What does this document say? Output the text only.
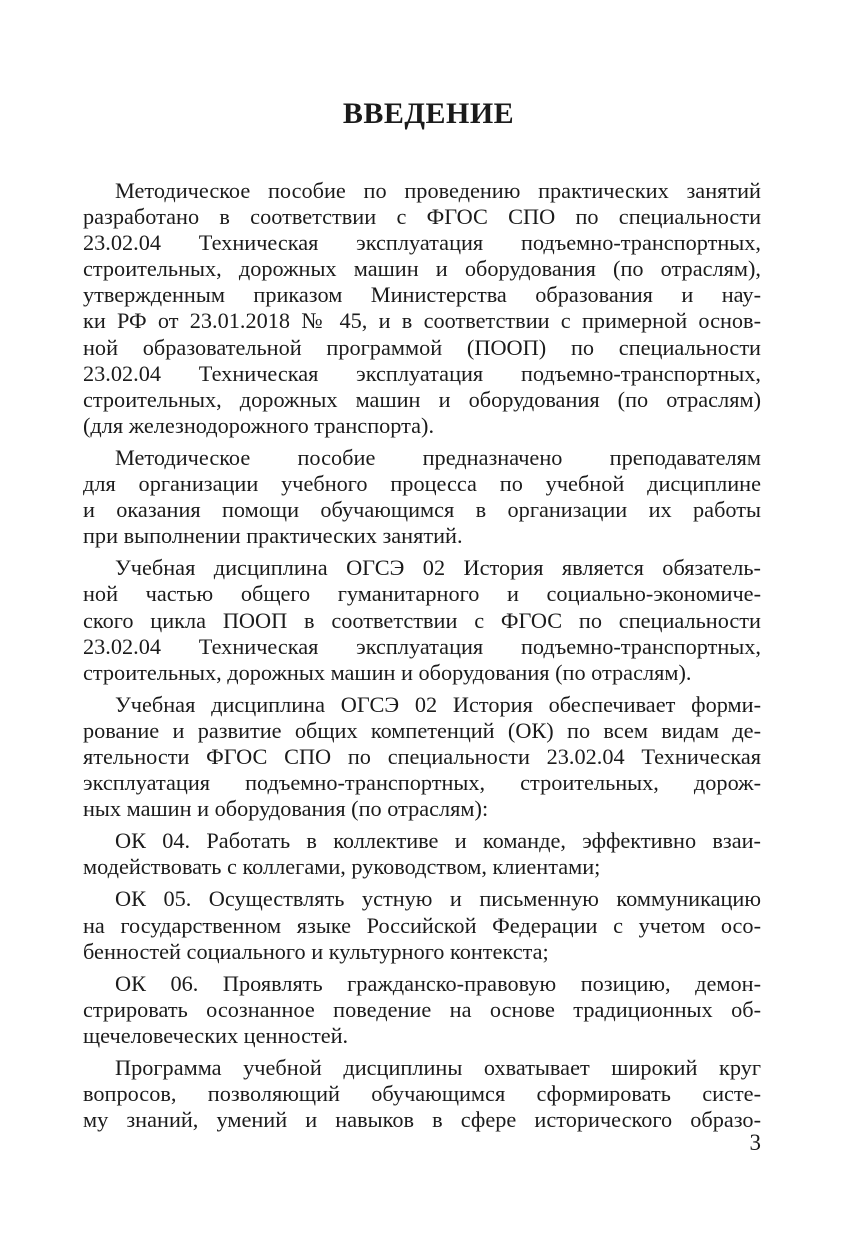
ВВЕДЕНИЕ
Методическое пособие по проведению практических занятий
разработано в соответствии с ФГОС СПО по специальности
23.02.04 Техническая эксплуатация подъемно-транспортных,
строительных, дорожных машин и оборудования (по отраслям),
утвержденным приказом Министерства образования и нау-
ки РФ от 23.01.2018 № 45, и в соответствии с примерной основ-
ной образовательной программой (ПООП) по специальности
23.02.04 Техническая эксплуатация подъемно-транспортных,
строительных, дорожных машин и оборудования (по отраслям)
(для железнодорожного транспорта).
Методическое пособие предназначено преподавателям
для организации учебного процесса по учебной дисциплине
и оказания помощи обучающимся в организации их работы
при выполнении практических занятий.
Учебная дисциплина ОГСЭ 02 История является обязатель-
ной частью общего гуманитарного и социально-экономиче-
ского цикла ПООП в соответствии с ФГОС по специальности
23.02.04 Техническая эксплуатация подъемно-транспортных,
строительных, дорожных машин и оборудования (по отраслям).
Учебная дисциплина ОГСЭ 02 История обеспечивает форми-
рование и развитие общих компетенций (ОК) по всем видам де-
ятельности ФГОС СПО по специальности 23.02.04 Техническая
эксплуатация подъемно-транспортных, строительных, дорож-
ных машин и оборудования (по отраслям):
ОК 04. Работать в коллективе и команде, эффективно взаи-
модействовать с коллегами, руководством, клиентами;
ОК 05. Осуществлять устную и письменную коммуникацию
на государственном языке Российской Федерации с учетом осо-
бенностей социального и культурного контекста;
ОК 06. Проявлять гражданско-правовую позицию, демон-
стрировать осознанное поведение на основе традиционных об-
щечеловеческих ценностей.
Программа учебной дисциплины охватывает широкий круг
вопросов, позволяющий обучающимся сформировать систе-
му знаний, умений и навыков в сфере исторического образо-
3
